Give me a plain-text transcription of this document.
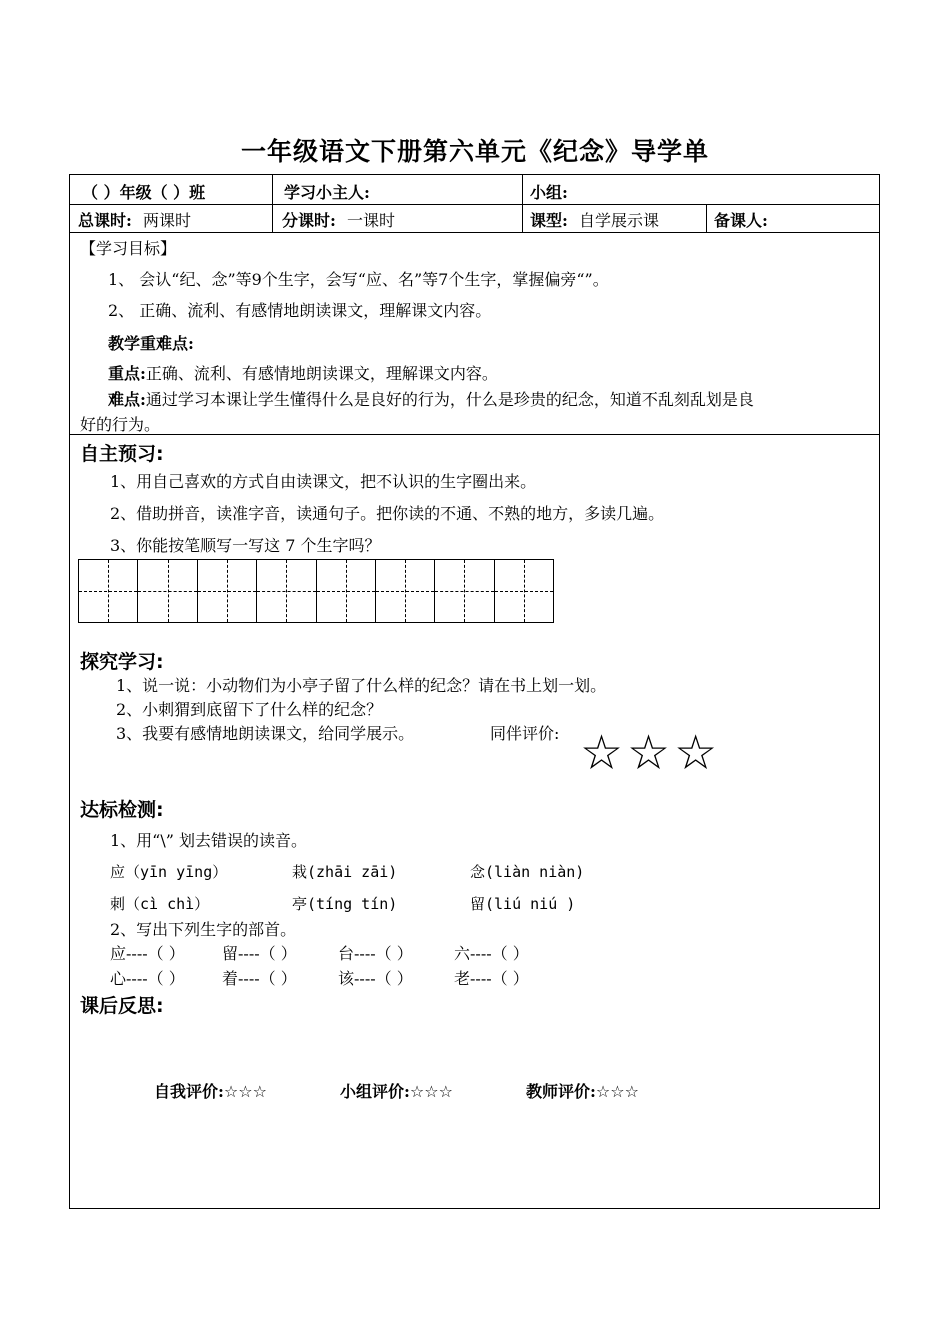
一年级语文下册第六单元《纪念》导学单
（ ）年级（ ）班	学习小主人:	小组:
总课时: 两课时	分课时: 一课时	课型: 自学展示课	备课人:
【学习目标】
1、 会认“纪、念”等9个生字，会写“应、名”等7个生字，掌握偏旁“”。
2、 正确、流利、有感情地朗读课文，理解课文内容。
教学重难点:
重点:正确、流利、有感情地朗读课文，理解课文内容。
难点:通过学习本课让学生懂得什么是良好的行为，什么是珍贵的纪念，知道不乱刻乱划是良
好的行为。
自主预习:
1、用自己喜欢的方式自由读课文，把不认识的生字圈出来。
2、借助拼音，读准字音，读通句子。把你读的不通、不熟的地方，多读几遍。
3、你能按笔顺写一写这 7 个生字吗？
探究学习:
1、说一说：小动物们为小亭子留了什么样的纪念？请在书上划一划。
2、小刺猬到底留下了什么样的纪念？
3、我要有感情地朗读课文，给同学展示。	同伴评价: ☆☆☆
达标检测:
1、用“\” 划去错误的读音。
应（yīn yīng）	栽(zhāi zāi)	念(liàn niàn)
刺（cì chì）	亭(tíng tín)	留(liú niú )
2、写出下列生字的部首。
应----（ ） 留----（ ）	台----（ ）	六----（ ）
心----（ ） 着----（ ）	该----（ ）	老----（ ）
课后反思:
自我评价:☆☆☆	小组评价:☆☆☆	教师评价:☆☆☆
